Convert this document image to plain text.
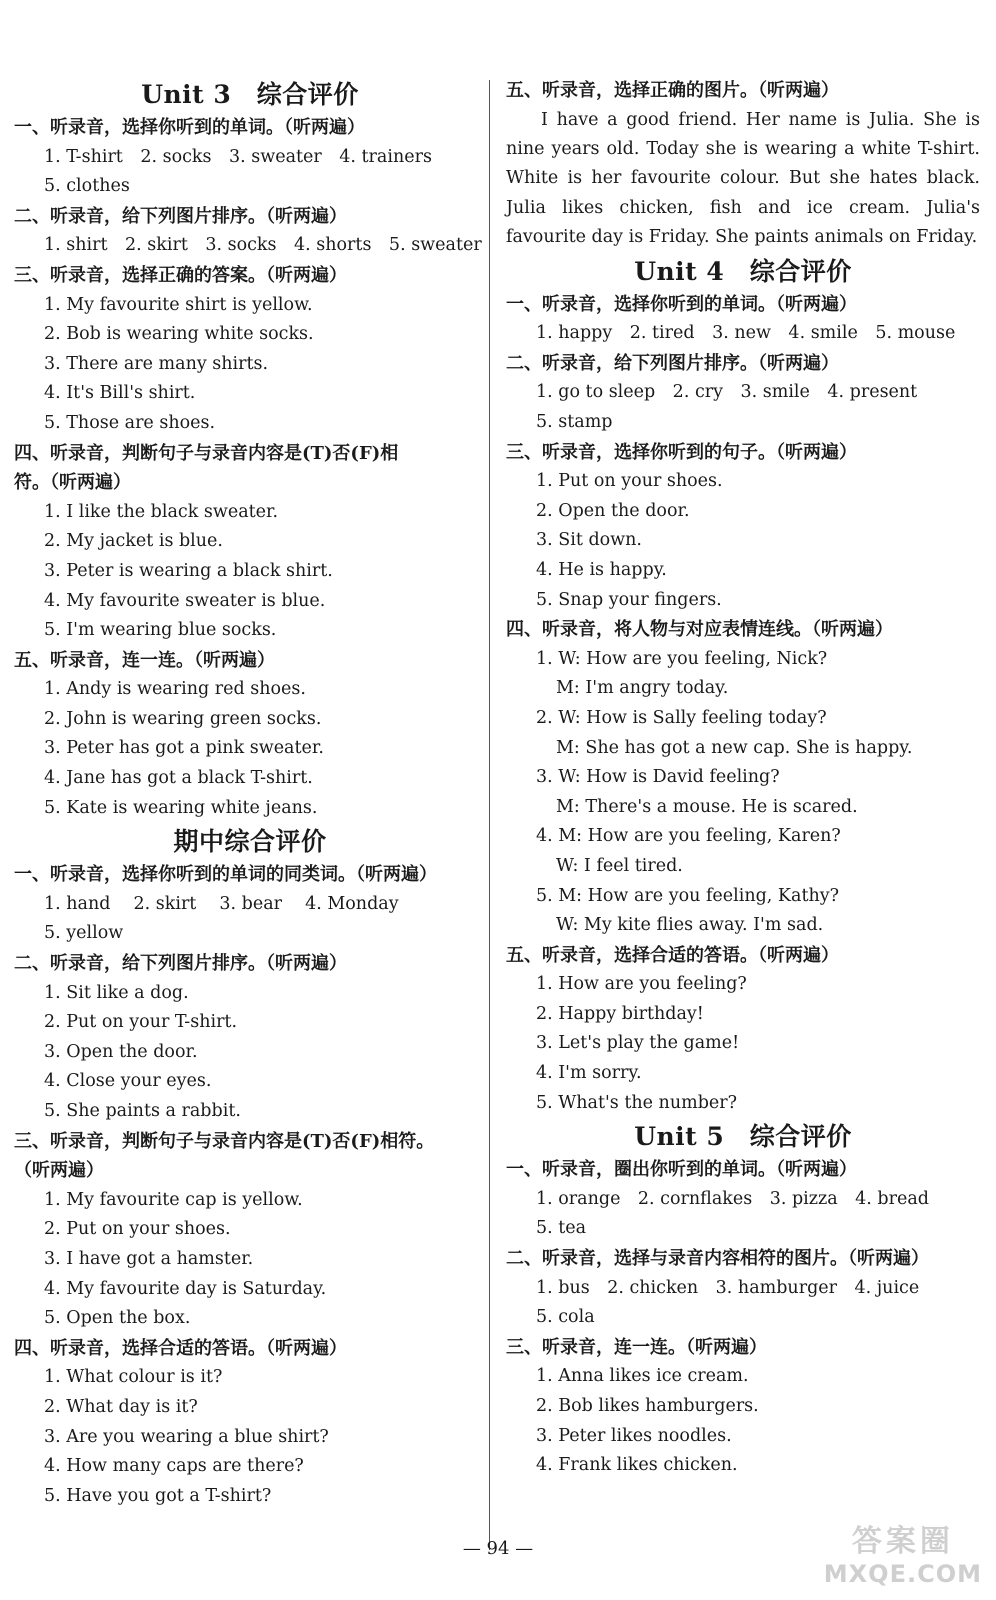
Unit 3　综合评价
一、听录音，选择你听到的单词。（听两遍）
1. T-shirt　2. socks　3. sweater　4. trainers
5. clothes
二、听录音，给下列图片排序。（听两遍）
1. shirt　2. skirt　3. socks　4. shorts　5. sweater
三、听录音，选择正确的答案。（听两遍）
1. My favourite shirt is yellow.
2. Bob is wearing white socks.
3. There are many shirts.
4. It's Bill's shirt.
5. Those are shoes.
四、听录音，判断句子与录音内容是(T)否(F)相
符。（听两遍）
1. I like the black sweater.
2. My jacket is blue.
3. Peter is wearing a black shirt.
4. My favourite sweater is blue.
5. I'm wearing blue socks.
五、听录音，连一连。（听两遍）
1. Andy is wearing red shoes.
2. John is wearing green socks.
3. Peter has got a pink sweater.
4. Jane has got a black T-shirt.
5. Kate is wearing white jeans.
期中综合评价
一、听录音，选择你听到的单词的同类词。（听两遍）
1. hand　 2. skirt　 3. bear　 4. Monday
5. yellow
二、听录音，给下列图片排序。（听两遍）
1. Sit like a dog.
2. Put on your T-shirt.
3. Open the door.
4. Close your eyes.
5. She paints a rabbit.
三、听录音，判断句子与录音内容是(T)否(F)相符。
（听两遍）
1. My favourite cap is yellow.
2. Put on your shoes.
3. I have got a hamster.
4. My favourite day is Saturday.
5. Open the box.
四、听录音，选择合适的答语。（听两遍）
1. What colour is it?
2. What day is it?
3. Are you wearing a blue shirt?
4. How many caps are there?
5. Have you got a T-shirt?
五、听录音，选择正确的图片。（听两遍）

I have a good friend. Her name is Julia. She is nine years old. Today she is wearing a white T-shirt. White is her favourite colour. But she hates black. Julia likes chicken, fish and ice cream. Julia's favourite day is Friday. She paints animals on Friday.

Unit 4　综合评价
一、听录音，选择你听到的单词。（听两遍）
1. happy　2. tired　3. new　4. smile　5. mouse
二、听录音，给下列图片排序。（听两遍）
1. go to sleep　2. cry　3. smile　4. present
5. stamp
三、听录音，选择你听到的句子。（听两遍）
1. Put on your shoes.
2. Open the door.
3. Sit down.
4. He is happy.
5. Snap your fingers.
四、听录音，将人物与对应表情连线。（听两遍）
1. W: How are you feeling, Nick?
M: I'm angry today.
2. W: How is Sally feeling today?
M: She has got a new cap. She is happy.
3. W: How is David feeling?
M: There's a mouse. He is scared.
4. M: How are you feeling, Karen?
W: I feel tired.
5. M: How are you feeling, Kathy?
W: My kite flies away. I'm sad.
五、听录音，选择合适的答语。（听两遍）
1. How are you feeling?
2. Happy birthday!
3. Let's play the game!
4. I'm sorry.
5. What's the number?
Unit 5　综合评价
一、听录音，圈出你听到的单词。（听两遍）
1. orange　2. cornflakes　3. pizza　4. bread
5. tea
二、听录音，选择与录音内容相符的图片。（听两遍）
1. bus　2. chicken　3. hamburger　4. juice
5. cola
三、听录音，连一连。（听两遍）
1. Anna likes ice cream.
2. Bob likes hamburgers.
3. Peter likes noodles.
4. Frank likes chicken.
— 94 —	答案圈
MXQE.COM
